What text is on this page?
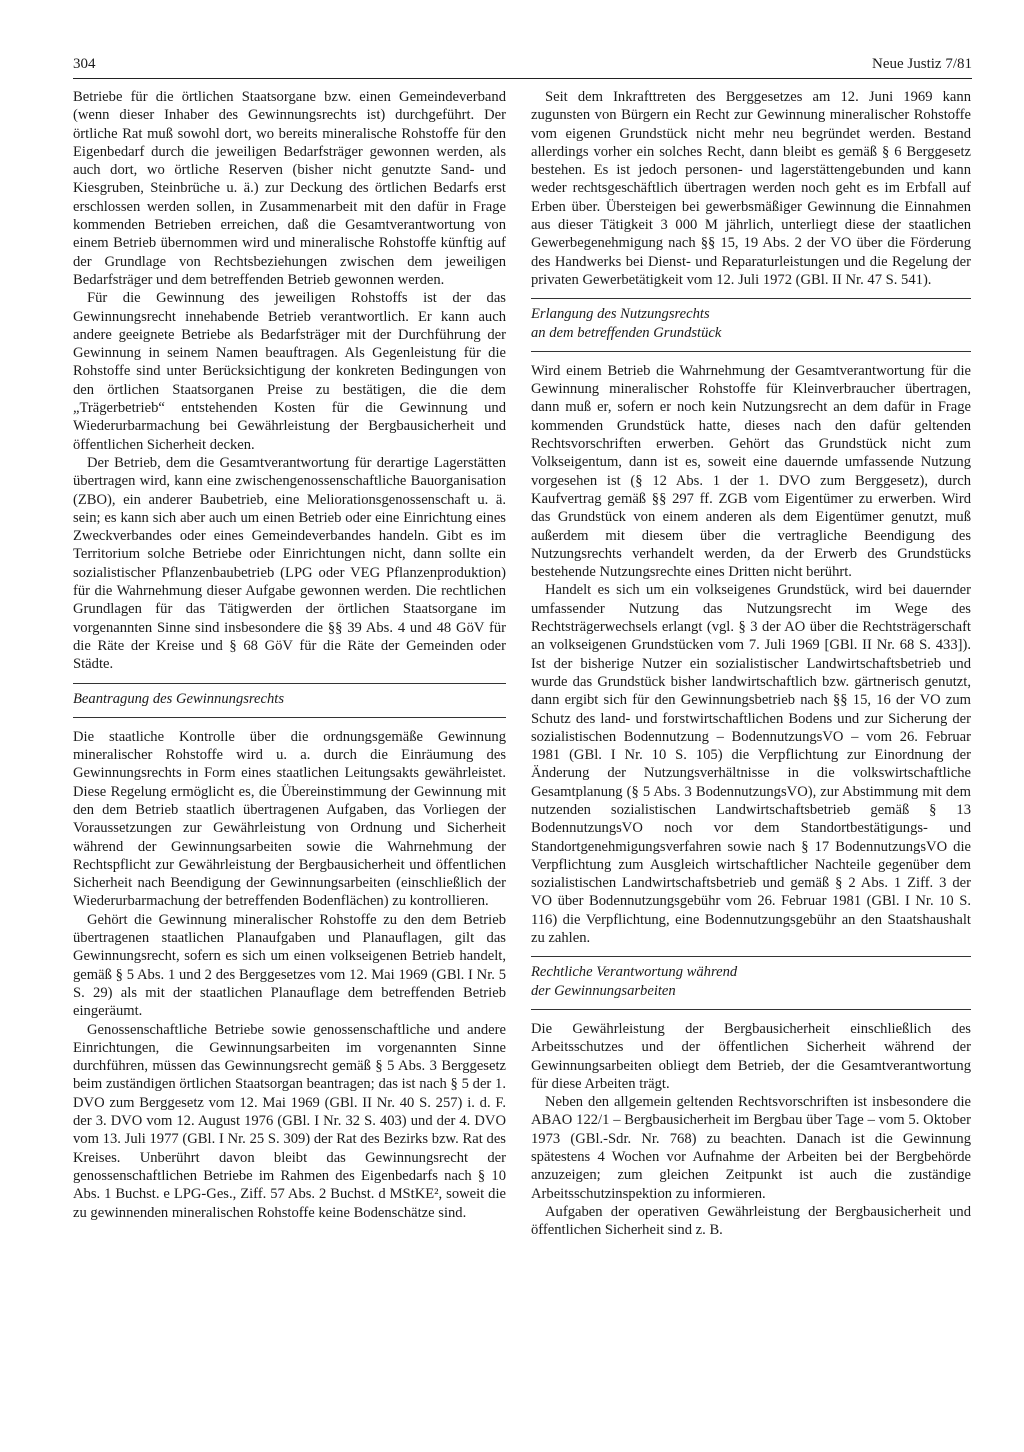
304	Neue Justiz 7/81

Betriebe für die örtlichen Staatsorgane bzw. einen Gemeindeverband (wenn dieser Inhaber des Gewinnungsrechts ist) durchgeführt. Der örtliche Rat muß sowohl dort, wo bereits mineralische Rohstoffe für den Eigenbedarf durch die jeweiligen Bedarfsträger gewonnen werden, als auch dort, wo örtliche Reserven (bisher nicht genutzte Sand- und Kiesgruben, Steinbrüche u. ä.) zur Deckung des örtlichen Bedarfs erst erschlossen werden sollen, in Zusammenarbeit mit den dafür in Frage kommenden Betrieben erreichen, daß die Gesamtverantwortung von einem Betrieb übernommen wird und mineralische Rohstoffe künftig auf der Grundlage von Rechtsbeziehungen zwischen dem jeweiligen Bedarfsträger und dem betreffenden Betrieb gewonnen werden.

Für die Gewinnung des jeweiligen Rohstoffs ist der das Gewinnungsrecht innehabende Betrieb verantwortlich. Er kann auch andere geeignete Betriebe als Bedarfsträger mit der Durchführung der Gewinnung in seinem Namen beauftragen. Als Gegenleistung für die Rohstoffe sind unter Berücksichtigung der konkreten Bedingungen von den örtlichen Staatsorganen Preise zu bestätigen, die die dem „Trägerbetrieb“ entstehenden Kosten für die Gewinnung und Wiederurbarmachung bei Gewährleistung der Bergbausicherheit und öffentlichen Sicherheit decken.

Der Betrieb, dem die Gesamtverantwortung für derartige Lagerstätten übertragen wird, kann eine zwischengenossenschaftliche Bauorganisation (ZBO), ein anderer Baubetrieb, eine Meliorationsgenossenschaft u. ä. sein; es kann sich aber auch um einen Betrieb oder eine Einrichtung eines Zweckverbandes oder eines Gemeindeverbandes handeln. Gibt es im Territorium solche Betriebe oder Einrichtungen nicht, dann sollte ein sozialistischer Pflanzenbaubetrieb (LPG oder VEG Pflanzenproduktion) für die Wahrnehmung dieser Aufgabe gewonnen werden. Die rechtlichen Grundlagen für das Tätigwerden der örtlichen Staatsorgane im vorgenannten Sinne sind insbesondere die §§ 39 Abs. 4 und 48 GöV für die Räte der Kreise und § 68 GöV für die Räte der Gemeinden oder Städte.

Beantragung des Gewinnungsrechts

Die staatliche Kontrolle über die ordnungsgemäße Gewinnung mineralischer Rohstoffe wird u. a. durch die Einräumung des Gewinnungsrechts in Form eines staatlichen Leitungsakts gewährleistet. Diese Regelung ermöglicht es, die Übereinstimmung der Gewinnung mit den dem Betrieb staatlich übertragenen Aufgaben, das Vorliegen der Voraussetzungen zur Gewährleistung von Ordnung und Sicherheit während der Gewinnungsarbeiten sowie die Wahrnehmung der Rechtspflicht zur Gewährleistung der Bergbausicherheit und öffentlichen Sicherheit nach Beendigung der Gewinnungsarbeiten (einschließlich der Wiederurbarmachung der betreffenden Bodenflächen) zu kontrollieren.

Gehört die Gewinnung mineralischer Rohstoffe zu den dem Betrieb übertragenen staatlichen Planaufgaben und Planauflagen, gilt das Gewinnungsrecht, sofern es sich um einen volkseigenen Betrieb handelt, gemäß § 5 Abs. 1 und 2 des Berggesetzes vom 12. Mai 1969 (GBl. I Nr. 5 S. 29) als mit der staatlichen Planauflage dem betreffenden Betrieb eingeräumt.

Genossenschaftliche Betriebe sowie genossenschaftliche und andere Einrichtungen, die Gewinnungsarbeiten im vorgenannten Sinne durchführen, müssen das Gewinnungsrecht gemäß § 5 Abs. 3 Berggesetz beim zuständigen örtlichen Staatsorgan beantragen; das ist nach § 5 der 1. DVO zum Berggesetz vom 12. Mai 1969 (GBl. II Nr. 40 S. 257) i. d. F. der 3. DVO vom 12. August 1976 (GBl. I Nr. 32 S. 403) und der 4. DVO vom 13. Juli 1977 (GBl. I Nr. 25 S. 309) der Rat des Bezirks bzw. Rat des Kreises. Unberührt davon bleibt das Gewinnungsrecht der genossenschaftlichen Betriebe im Rahmen des Eigenbedarfs nach § 10 Abs. 1 Buchst. e LPG-Ges., Ziff. 57 Abs. 2 Buchst. d MStKE², soweit die zu gewinnenden mineralischen Rohstoffe keine Bodenschätze sind.

Seit dem Inkrafttreten des Berggesetzes am 12. Juni 1969 kann zugunsten von Bürgern ein Recht zur Gewinnung mineralischer Rohstoffe vom eigenen Grundstück nicht mehr neu begründet werden. Bestand allerdings vorher ein solches Recht, dann bleibt es gemäß § 6 Berggesetz bestehen. Es ist jedoch personen- und lagerstättengebunden und kann weder rechtsgeschäftlich übertragen werden noch geht es im Erbfall auf Erben über. Übersteigen bei gewerbsmäßiger Gewinnung die Einnahmen aus dieser Tätigkeit 3 000 M jährlich, unterliegt diese der staatlichen Gewerbegenehmigung nach §§ 15, 19 Abs. 2 der VO über die Förderung des Handwerks bei Dienst- und Reparaturleistungen und die Regelung der privaten Gewerbetätigkeit vom 12. Juli 1972 (GBl. II Nr. 47 S. 541).

Erlangung des Nutzungsrechts
an dem betreffenden Grundstück

Wird einem Betrieb die Wahrnehmung der Gesamtverantwortung für die Gewinnung mineralischer Rohstoffe für Kleinverbraucher übertragen, dann muß er, sofern er noch kein Nutzungsrecht an dem dafür in Frage kommenden Grundstück hatte, dieses nach den dafür geltenden Rechtsvorschriften erwerben. Gehört das Grundstück nicht zum Volkseigentum, dann ist es, soweit eine dauernde umfassende Nutzung vorgesehen ist (§ 12 Abs. 1 der 1. DVO zum Berggesetz), durch Kaufvertrag gemäß §§ 297 ff. ZGB vom Eigentümer zu erwerben. Wird das Grundstück von einem anderen als dem Eigentümer genutzt, muß außerdem mit diesem über die vertragliche Beendigung des Nutzungsrechts verhandelt werden, da der Erwerb des Grundstücks bestehende Nutzungsrechte eines Dritten nicht berührt.

Handelt es sich um ein volkseigenes Grundstück, wird bei dauernder umfassender Nutzung das Nutzungsrecht im Wege des Rechtsträgerwechsels erlangt (vgl. § 3 der AO über die Rechtsträgerschaft an volkseigenen Grundstücken vom 7. Juli 1969 [GBl. II Nr. 68 S. 433]). Ist der bisherige Nutzer ein sozialistischer Landwirtschaftsbetrieb und wurde das Grundstück bisher landwirtschaftlich bzw. gärtnerisch genutzt, dann ergibt sich für den Gewinnungsbetrieb nach §§ 15, 16 der VO zum Schutz des land- und forstwirtschaftlichen Bodens und zur Sicherung der sozialistischen Bodennutzung – BodennutzungsVO – vom 26. Februar 1981 (GBl. I Nr. 10 S. 105) die Verpflichtung zur Einordnung der Änderung der Nutzungsverhältnisse in die volkswirtschaftliche Gesamtplanung (§ 5 Abs. 3 BodennutzungsVO), zur Abstimmung mit dem nutzenden sozialistischen Landwirtschaftsbetrieb gemäß § 13 BodennutzungsVO noch vor dem Standortbestätigungs- und Standortgenehmigungsverfahren sowie nach § 17 BodennutzungsVO die Verpflichtung zum Ausgleich wirtschaftlicher Nachteile gegenüber dem sozialistischen Landwirtschaftsbetrieb und gemäß § 2 Abs. 1 Ziff. 3 der VO über Bodennutzungsgebühr vom 26. Februar 1981 (GBl. I Nr. 10 S. 116) die Verpflichtung, eine Bodennutzungsgebühr an den Staatshaushalt zu zahlen.

Rechtliche Verantwortung während
der Gewinnungsarbeiten

Die Gewährleistung der Bergbausicherheit einschließlich des Arbeitsschutzes und der öffentlichen Sicherheit während der Gewinnungsarbeiten obliegt dem Betrieb, der die Gesamtverantwortung für diese Arbeiten trägt.

Neben den allgemein geltenden Rechtsvorschriften ist insbesondere die ABAO 122/1 – Bergbausicherheit im Bergbau über Tage – vom 5. Oktober 1973 (GBl.-Sdr. Nr. 768) zu beachten. Danach ist die Gewinnung spätestens 4 Wochen vor Aufnahme der Arbeiten bei der Bergbehörde anzuzeigen; zum gleichen Zeitpunkt ist auch die zuständige Arbeitsschutzinspektion zu informieren.

Aufgaben der operativen Gewährleistung der Bergbausicherheit und öffentlichen Sicherheit sind z. B.
